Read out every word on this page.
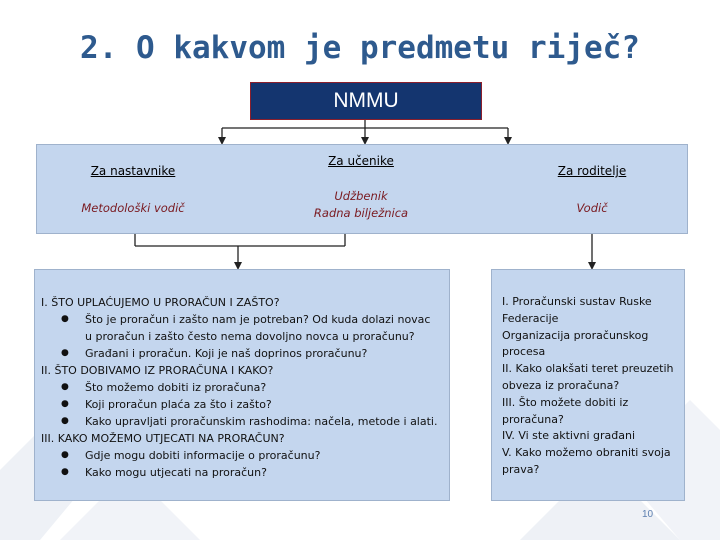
2. O kakvom je predmetu riječ?
NMMU
Za nastavnike
Metodološki vodič
Za učenike
Udžbenik
Radna bilježnica
Za roditelje
Vodič
I. ŠTO UPLAĆUJEMO U PRORAČUN I ZAŠTO?
● Što je proračun i zašto nam je potreban? Od kuda dolazi novac
u proračun i zašto često nema dovoljno novca u proračunu?
● Građani i proračun. Koji je naš doprinos proračunu?
II. ŠTO DOBIVAMO IZ PRORAČUNA I KAKO?
● Što možemo dobiti iz proračuna?
● Koji proračun plaća za što i zašto?
● Kako upravljati proračunskim rashodima: načela, metode i alati.
III. KAKO MOŽEMO UTJECATI NA PRORAČUN?
● Gdje mogu dobiti informacije o proračunu?
● Kako mogu utjecati na proračun?
I. Proračunski sustav Ruske
Federacije
Organizacija proračunskog
procesa
II. Kako olakšati teret preuzetih
obveza iz proračuna?
III. Što možete dobiti iz
proračuna?
IV. Vi ste aktivni građani
V. Kako možemo obraniti svoja
prava?
10
